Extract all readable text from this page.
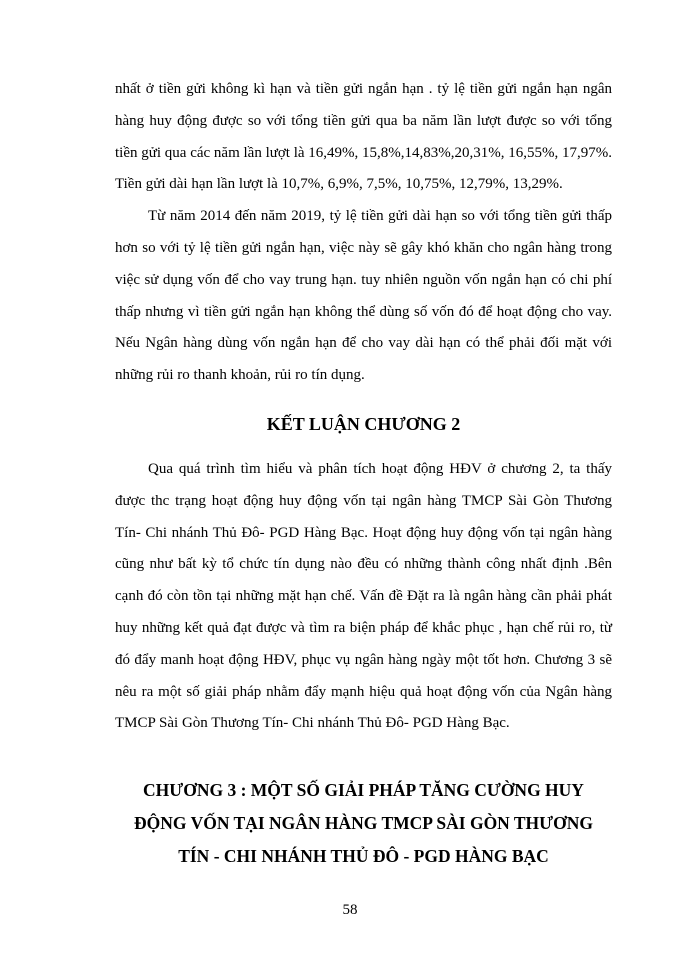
nhất ở tiền gửi không kì hạn và tiền gửi ngắn hạn . tỷ lệ tiền gửi ngắn hạn ngân hàng huy động được so với tổng tiền gửi qua ba năm lần lượt được so với tổng tiền gửi qua các năm lần lượt là 16,49%, 15,8%,14,83%,20,31%, 16,55%, 17,97%. Tiền gửi dài hạn lần lượt là 10,7%, 6,9%, 7,5%, 10,75%, 12,79%, 13,29%.

Từ năm 2014 đến năm 2019, tỷ lệ tiền gửi dài hạn so với tổng tiền gửi thấp hơn so với tỷ lệ tiền gửi ngắn hạn, việc này sẽ gây khó khăn cho ngân hàng trong việc sử dụng vốn để cho vay trung hạn. tuy nhiên nguồn vốn ngắn hạn có chi phí thấp nhưng vì tiền gửi ngắn hạn không thể dùng số vốn đó để hoạt động cho vay. Nếu Ngân hàng dùng vốn ngắn hạn để cho vay dài hạn có thể phải đối mặt với những rủi ro thanh khoản, rủi ro tín dụng.

KẾT LUẬN CHƯƠNG 2

Qua quá trình tìm hiểu và phân tích hoạt động HĐV ở chương 2, ta thấy được thc trạng hoạt động huy động vốn tại ngân hàng TMCP Sài Gòn Thương Tín- Chi nhánh Thủ Đô- PGD Hàng Bạc. Hoạt động huy động vốn tại ngân hàng cũng như bất kỳ tổ chức tín dụng nào đều có những thành công nhất định .Bên cạnh đó còn tồn tại những mặt hạn chế. Vấn đề Đặt ra là ngân hàng cần phải phát huy những kết quả đạt được và tìm ra biện pháp để khắc phục , hạn chế rủi ro, từ đó đẩy manh hoạt động HĐV, phục vụ ngân hàng ngày một tốt hơn. Chương 3 sẽ nêu ra một số giải pháp nhằm đẩy mạnh hiệu quả hoạt động vốn của Ngân hàng TMCP Sài Gòn Thương Tín- Chi nhánh Thủ Đô- PGD Hàng Bạc.

CHƯƠNG 3 : MỘT SỐ GIẢI PHÁP TĂNG CƯỜNG HUY
ĐỘNG VỐN TẠI NGÂN HÀNG TMCP SÀI GÒN THƯƠNG
TÍN - CHI NHÁNH THỦ ĐÔ - PGD HÀNG BẠC
58
